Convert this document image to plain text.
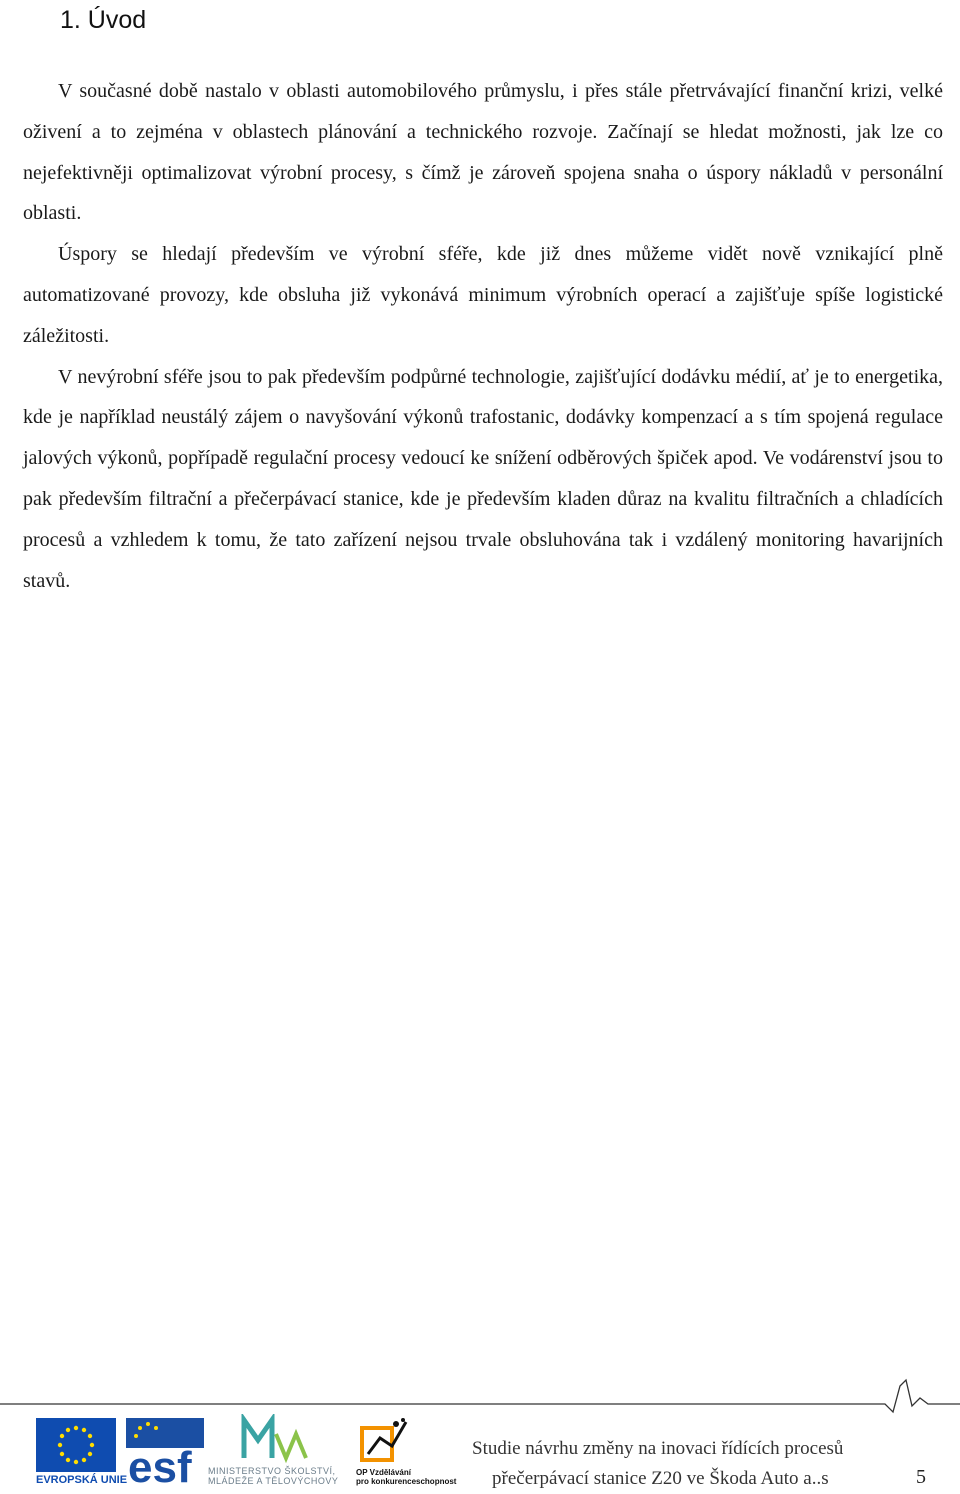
1. Úvod

V současné době nastalo v oblasti automobilového průmyslu, i přes stále přetrvávající finanční krizi, velké oživení a to zejména v oblastech plánování a technického rozvoje. Začínají se hledat možnosti, jak lze co nejefektivněji optimalizovat výrobní procesy, s čímž je zároveň spojena snaha o úspory nákladů v personální oblasti.

Úspory se hledají především ve výrobní sféře, kde již dnes můžeme vidět nově vznikající plně automatizované provozy, kde obsluha již vykonává minimum výrobních operací a zajišťuje spíše logistické záležitosti.

V nevýrobní sféře jsou to pak především podpůrné technologie, zajišťující dodávku médií, ať je to energetika, kde je například neustálý zájem o navyšování výkonů trafostanic, dodávky kompenzací a s tím spojená regulace jalových výkonů, popřípadě regulační procesy vedoucí ke snížení odběrových špiček apod. Ve vodárenství jsou to pak především filtrační a přečerpávací stanice, kde je především kladen důraz na kvalitu filtračních a chladících procesů a vzhledem k tomu, že tato zařízení nejsou trvale obsluhována tak i vzdálený monitoring havarijních stavů.

EVROPSKÁ UNIE esf MINISTERSTVO ŠKOLSTVÍ,
MLÁDEŽE A TĚLOVÝCHOVY
OP Vzdělávání
pro konkurenceschopnost
Studie návrhu změny na inovaci řídících procesů
přečerpávací stanice Z20 ve Škoda Auto a..s	5
